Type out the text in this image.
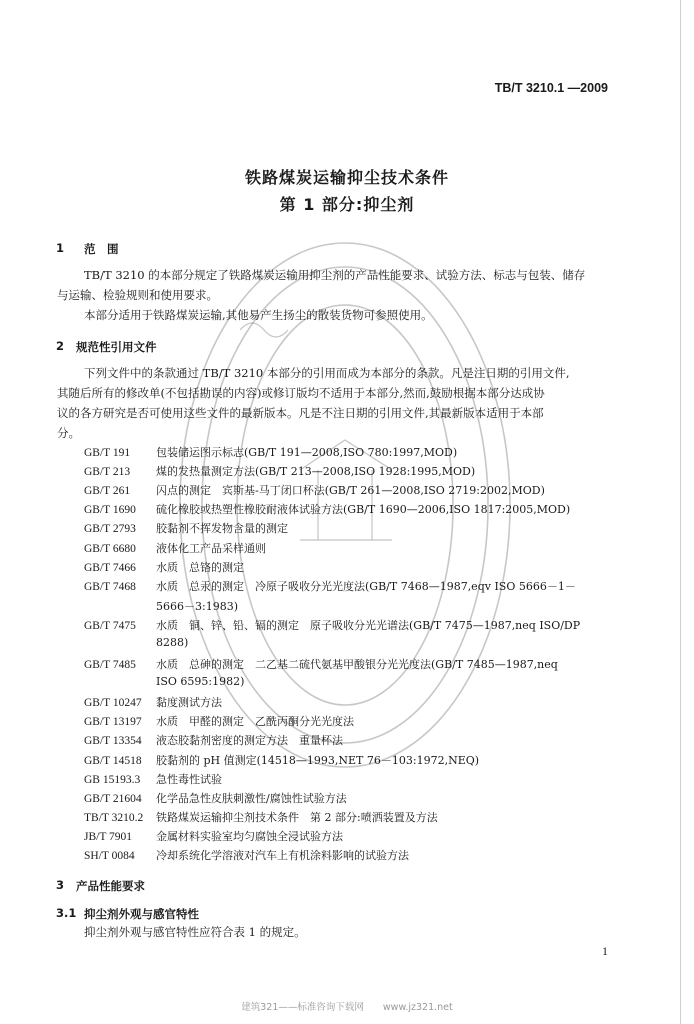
TB/T 3210.1 —2009
铁路煤炭运输抑尘技术条件
第 1 部分:抑尘剂
1 范　围
TB/T 3210 的本部分规定了铁路煤炭运输用抑尘剂的产品性能要求、试验方法、标志与包装、储存
与运输、检验规则和使用要求。
本部分适用于铁路煤炭运输,其他易产生扬尘的散装货物可参照使用。
2 规范性引用文件
下列文件中的条款通过 TB/T 3210 本部分的引用而成为本部分的条款。凡是注日期的引用文件,
其随后所有的修改单(不包括勘误的内容)或修订版均不适用于本部分,然而,鼓励根据本部分达成协
议的各方研究是否可使用这些文件的最新版本。凡是不注日期的引用文件,其最新版本适用于本部
分。
GB/T 191 包装储运图示标志(GB/T 191—2008,ISO 780:1997,MOD)
GB/T 213 煤的发热量测定方法(GB/T 213—2008,ISO 1928:1995,MOD)
GB/T 261 闪点的测定　宾斯基-马丁闭口杯法(GB/T 261—2008,ISO 2719:2002,MOD)
GB/T 1690 硫化橡胶或热塑性橡胶耐液体试验方法(GB/T 1690—2006,ISO 1817:2005,MOD)
GB/T 2793 胶黏剂不挥发物含量的测定
GB/T 6680 液体化工产品采样通则
GB/T 7466 水质　总铬的测定
GB/T 7468 水质　总汞的测定　冷原子吸收分光光度法(GB/T 7468—1987,eqv ISO 5666－1－
5666－3:1983)
GB/T 7475 水质　铜、锌、铅、镉的测定　原子吸收分光光谱法(GB/T 7475—1987,neq ISO/DP
8288)
GB/T 7485 水质　总砷的测定　二乙基二硫代氨基甲酸银分光光度法(GB/T 7485—1987,neq
ISO 6595:1982)
GB/T 10247 黏度测试方法
GB/T 13197 水质　甲醛的测定　乙酰丙酮分光光度法
GB/T 13354 液态胶黏剂密度的测定方法　重量杯法
GB/T 14518 胶黏剂的 pH 值测定(14518—1993,NET 76－103:1972,NEQ)
GB 15193.3 急性毒性试验
GB/T 21604 化学品急性皮肤刺激性/腐蚀性试验方法
TB/T 3210.2 铁路煤炭运输抑尘剂技术条件　第 2 部分:喷洒装置及方法
JB/T 7901 金属材料实验室均匀腐蚀全浸试验方法
SH/T 0084 冷却系统化学溶液对汽车上有机涂料影响的试验方法
3 产品性能要求
3.1 抑尘剂外观与感官特性
抑尘剂外观与感官特性应符合表 1 的规定。
1
建筑321——标准咨询下载网　　www.jz321.net
